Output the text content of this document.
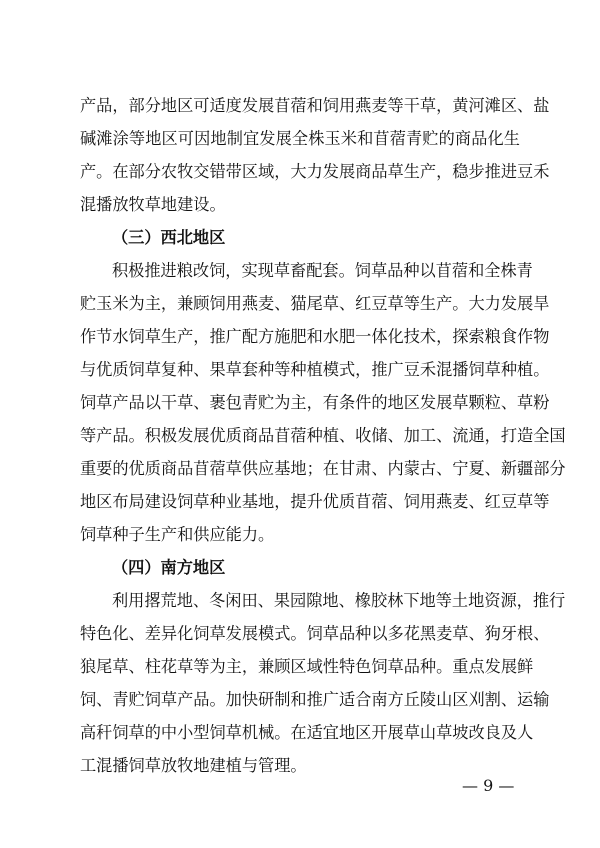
产品，部分地区可适度发展苜蓿和饲用燕麦等干草，黄河滩区、盐
碱滩涂等地区可因地制宜发展全株玉米和苜蓿青贮的商品化生
产。在部分农牧交错带区域，大力发展商品草生产，稳步推进豆禾
混播放牧草地建设。
（三）西北地区
积极推进粮改饲，实现草畜配套。饲草品种以苜蓿和全株青
贮玉米为主，兼顾饲用燕麦、猫尾草、红豆草等生产。大力发展旱
作节水饲草生产，推广配方施肥和水肥一体化技术，探索粮食作物
与优质饲草复种、果草套种等种植模式，推广豆禾混播饲草种植。
饲草产品以干草、裹包青贮为主，有条件的地区发展草颗粒、草粉
等产品。积极发展优质商品苜蓿种植、收储、加工、流通，打造全国
重要的优质商品苜蓿草供应基地；在甘肃、内蒙古、宁夏、新疆部分
地区布局建设饲草种业基地，提升优质苜蓿、饲用燕麦、红豆草等
饲草种子生产和供应能力。
（四）南方地区
利用撂荒地、冬闲田、果园隙地、橡胶林下地等土地资源，推行
特色化、差异化饲草发展模式。饲草品种以多花黑麦草、狗牙根、
狼尾草、柱花草等为主，兼顾区域性特色饲草品种。重点发展鲜
饲、青贮饲草产品。加快研制和推广适合南方丘陵山区刈割、运输
高秆饲草的中小型饲草机械。在适宜地区开展草山草坡改良及人
工混播饲草放牧地建植与管理。
— 9 —
